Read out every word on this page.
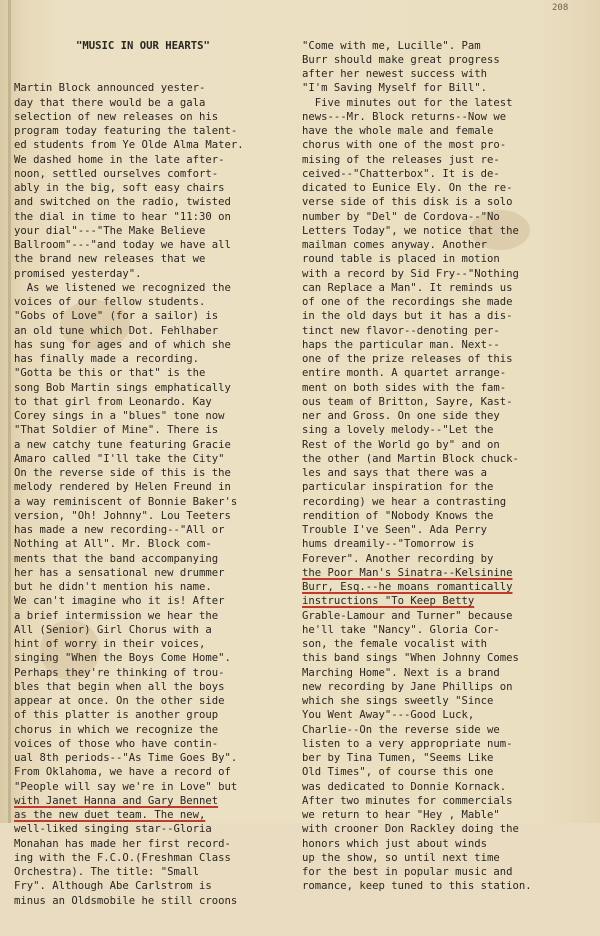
208

"MUSIC IN OUR HEARTS"

Martin Block announced yester-
day that there would be a gala
selection of new releases on his
program today featuring the talent-
ed students from Ye Olde Alma Mater.
We dashed home in the late after-
noon, settled ourselves comfort-
ably in the big, soft easy chairs
and switched on the radio, twisted
the dial in time to hear "11:30 on
your dial"---"The Make Believe
Ballroom"---"and today we have all
the brand new releases that we
promised yesterday".
As we listened we recognized the
voices of our fellow students.
"Gobs of Love" (for a sailor) is
an old tune which Dot. Fehlhaber
has sung for ages and of which she
has finally made a recording.
"Gotta be this or that" is the
song Bob Martin sings emphatically
to that girl from Leonardo. Kay
Corey sings in a "blues" tone now
"That Soldier of Mine". There is
a new catchy tune featuring Gracie
Amaro called "I'll take the City"
On the reverse side of this is the
melody rendered by Helen Freund in
a way reminiscent of Bonnie Baker's
version, "Oh! Johnny". Lou Teeters
has made a new recording--"All or
Nothing at All". Mr. Block com-
ments that the band accompanying
her has a sensational new drummer
but he didn't mention his name.
We can't imagine who it is! After
a brief intermission we hear the
All (Senior) Girl Chorus with a
hint of worry in their voices,
singing "When the Boys Come Home".
Perhaps they're thinking of trou-
bles that begin when all the boys
appear at once. On the other side
of this platter is another group
chorus in which we recognize the
voices of those who have contin-
ual 8th periods--"As Time Goes By".
From Oklahoma, we have a record of
"People will say we're in Love" but
with Janet Hanna and Gary Bennet
as the new duet team. The new,
well-liked singing star--Gloria
Monahan has made her first record-
ing with the F.C.O.(Freshman Class
Orchestra). The title: "Small
Fry". Although Abe Carlstrom is
minus an Oldsmobile he still croons

"Come with me, Lucille". Pam
Burr should make great progress
after her newest success with
"I'm Saving Myself for Bill".
Five minutes out for the latest
news---Mr. Block returns--Now we
have the whole male and female
chorus with one of the most pro-
mising of the releases just re-
ceived--"Chatterbox". It is de-
dicated to Eunice Ely. On the re-
verse side of this disk is a solo
number by "Del" de Cordova--"No
Letters Today", we notice that the
mailman comes anyway. Another
round table is placed in motion
with a record by Sid Fry--"Nothing
can Replace a Man". It reminds us
of one of the recordings she made
in the old days but it has a dis-
tinct new flavor--denoting per-
haps the particular man. Next--
one of the prize releases of this
entire month. A quartet arrange-
ment on both sides with the fam-
ous team of Britton, Sayre, Kast-
ner and Gross. On one side they
sing a lovely melody--"Let the
Rest of the World go by" and on
the other (and Martin Block chuck-
les and says that there was a
particular inspiration for the
recording) we hear a contrasting
rendition of "Nobody Knows the
Trouble I've Seen". Ada Perry
hums dreamily--"Tomorrow is
Forever". Another recording by
the Poor Man's Sinatra--Kelsinine
Burr, Esq.--he moans romantically
instructions "To Keep Betty
Grable-Lamour and Turner" because
he'll take "Nancy". Gloria Cor-
son, the female vocalist with
this band sings "When Johnny Comes
Marching Home". Next is a brand
new recording by Jane Phillips on
which she sings sweetly "Since
You Went Away"---Good Luck,
Charlie--On the reverse side we
listen to a very appropriate num-
ber by Tina Tumen, "Seems Like
Old Times", of course this one
was dedicated to Donnie Kornack.
After two minutes for commercials
we return to hear "Hey , Mable"
with crooner Don Rackley doing the
honors which just about winds
up the show, so until next time
for the best in popular music and
romance, keep tuned to this station.
